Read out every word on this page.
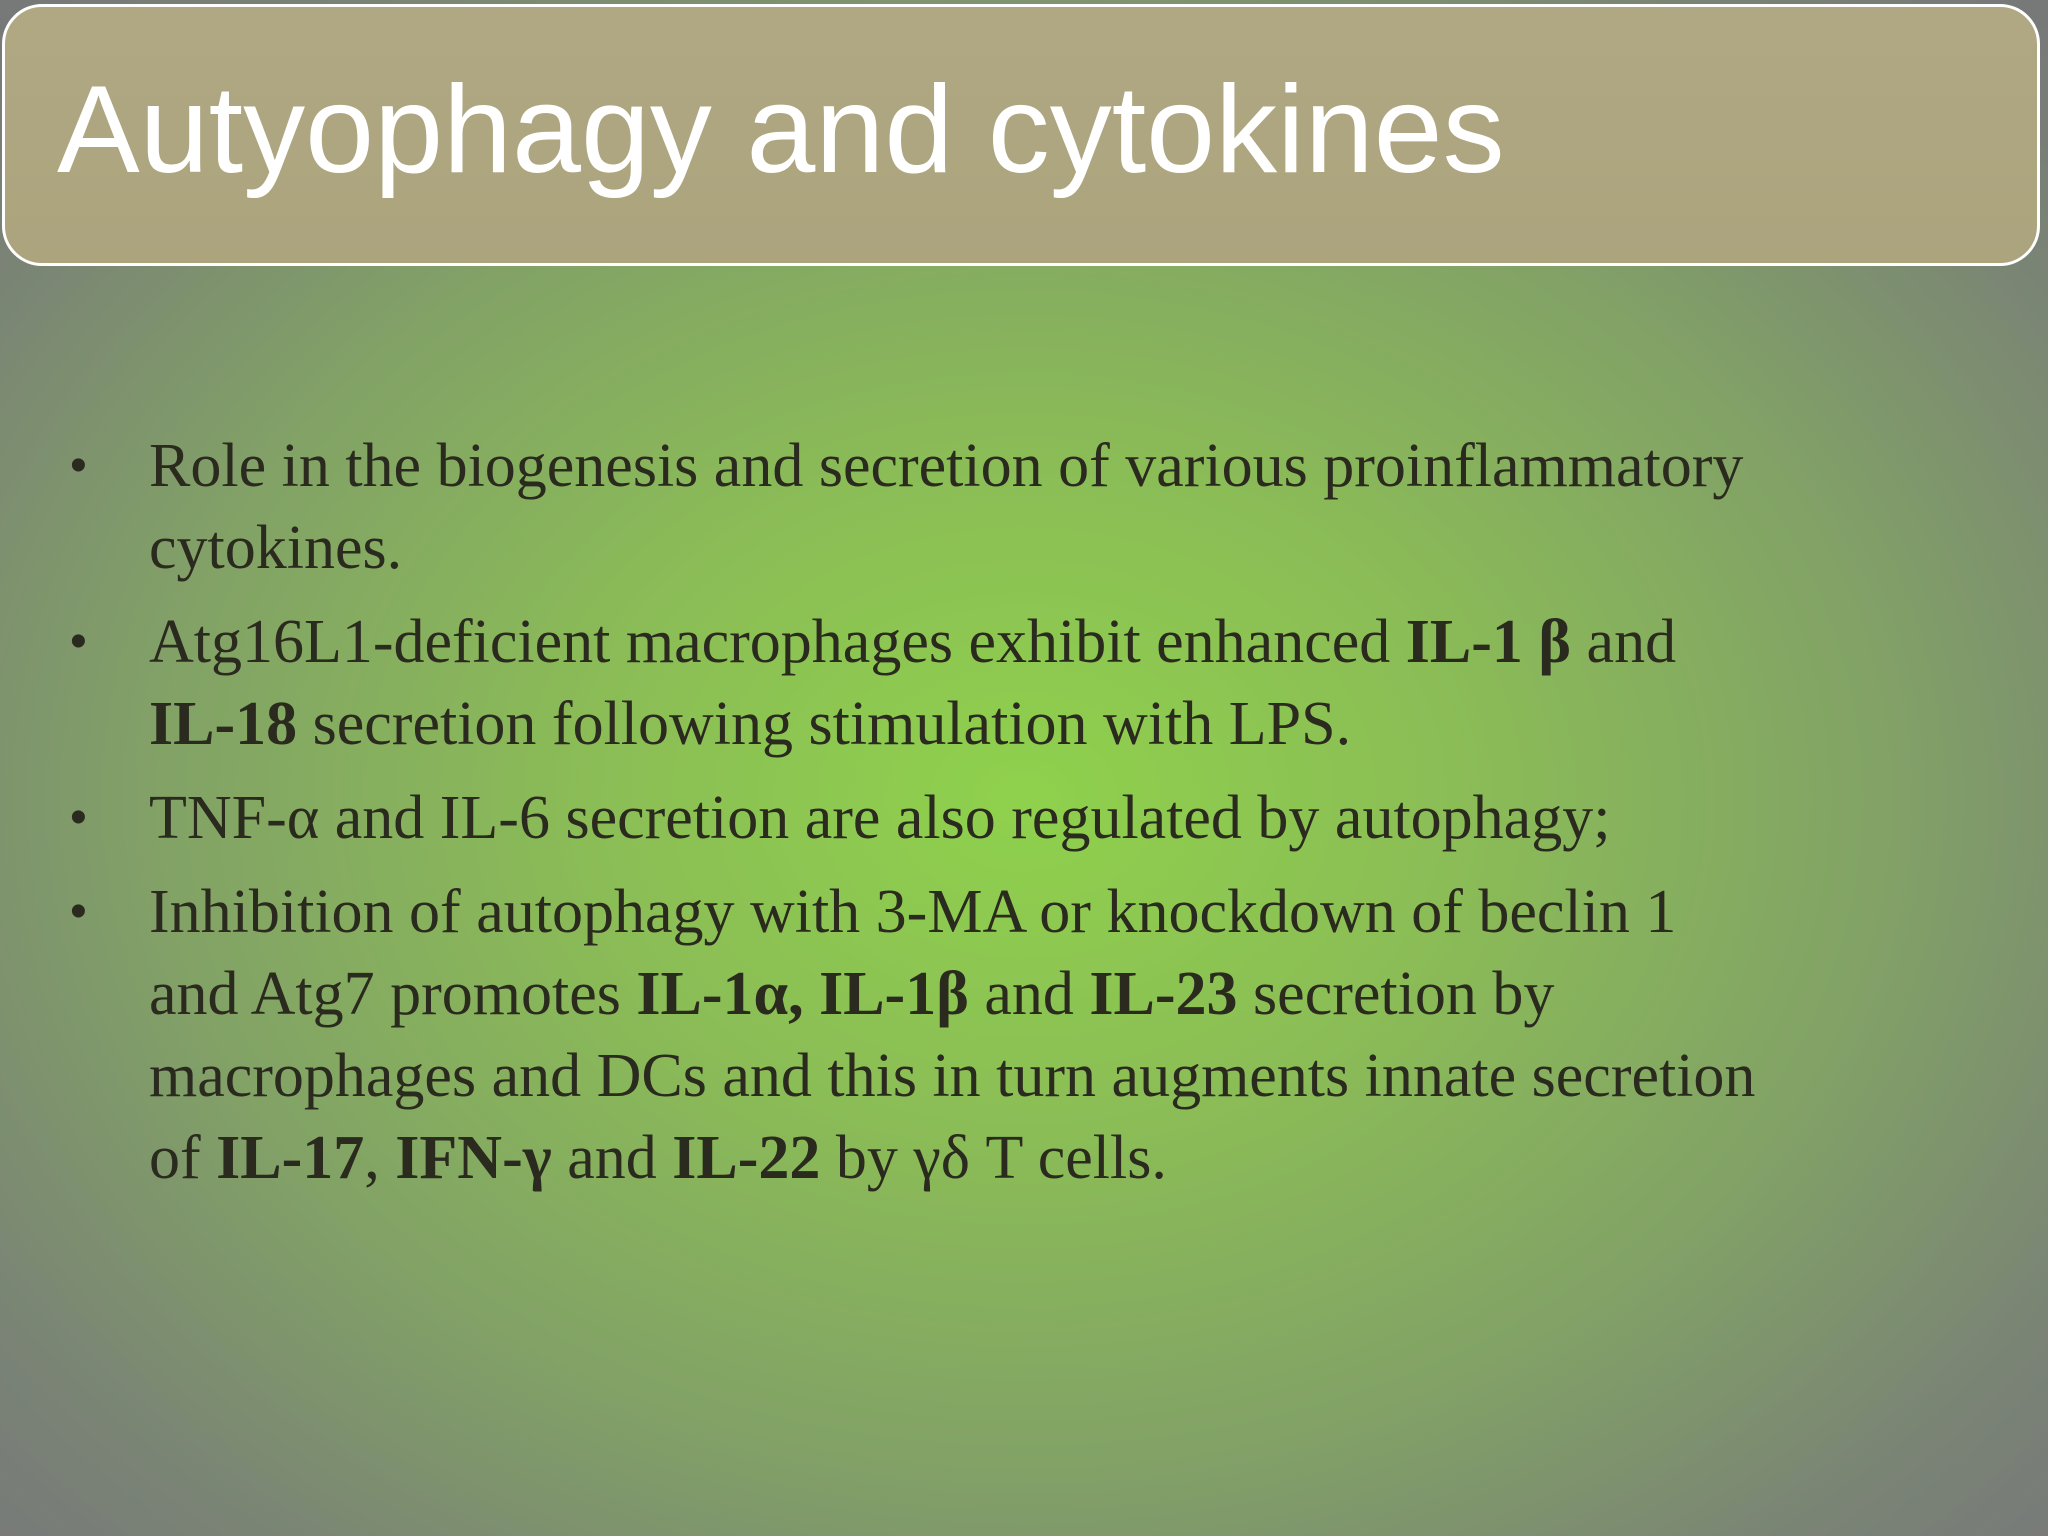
Autyophagy and cytokines
• Role in the biogenesis and secretion of various proinflammatory
cytokines.
• Atg16L1-deficient macrophages exhibit enhanced IL-1 β and
IL-18 secretion following stimulation with LPS.
• TNF-α and IL-6 secretion are also regulated by autophagy;
• Inhibition of autophagy with 3-MA or knockdown of beclin 1
and Atg7 promotes IL-1α, IL-1β and IL-23 secretion by
macrophages and DCs and this in turn augments innate secretion
of IL-17, IFN-γ and IL-22 by γδ T cells.
